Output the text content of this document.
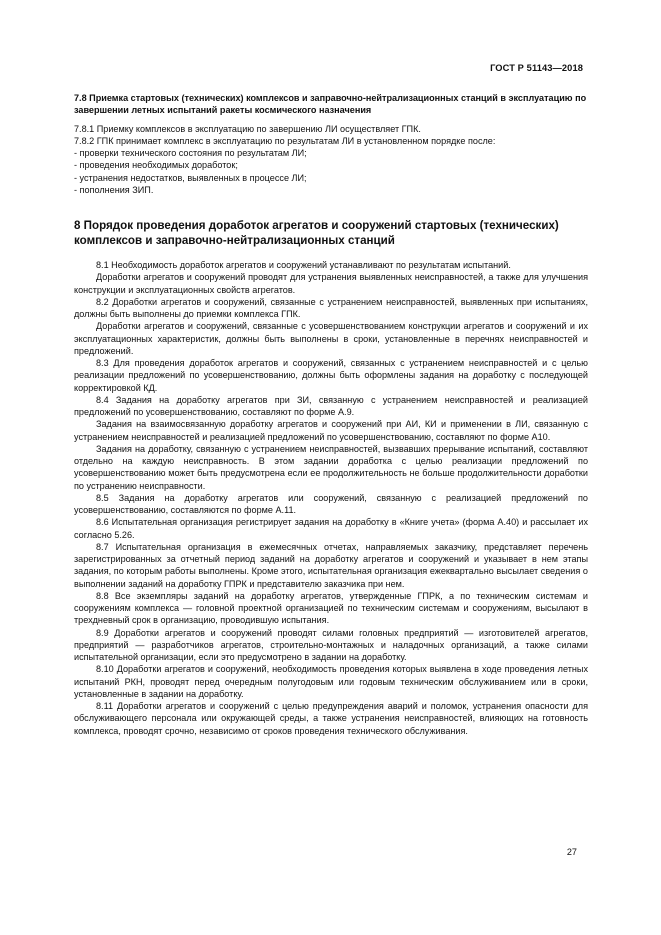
ГОСТ Р 51143—2018
7.8 Приемка стартовых (технических) комплексов и заправочно-нейтрализационных станций в эксплуатацию по завершении летных испытаний ракеты космического назначения

7.8.1 Приемку комплексов в эксплуатацию по завершению ЛИ осуществляет ГПК.

7.8.2 ГПК принимает комплекс в эксплуатацию по результатам ЛИ в установленном порядке после:

- проверки технического состояния по результатам ЛИ;

- проведения необходимых доработок;

- устранения недостатков, выявленных в процессе ЛИ;

- пополнения ЗИП.

8 Порядок проведения доработок агрегатов и сооружений стартовых (технических) комплексов и заправочно-нейтрализационных станций

8.1 Необходимость доработок агрегатов и сооружений устанавливают по результатам испытаний.

Доработки агрегатов и сооружений проводят для устранения выявленных неисправностей, а также для улучшения конструкции и эксплуатационных свойств агрегатов.

8.2 Доработки агрегатов и сооружений, связанные с устранением неисправностей, выявленных при испытаниях, должны быть выполнены до приемки комплекса ГПК.

Доработки агрегатов и сооружений, связанные с усовершенствованием конструкции агрегатов и сооружений и их эксплуатационных характеристик, должны быть выполнены в сроки, установленные в перечнях неисправностей и предложений.

8.3 Для проведения доработок агрегатов и сооружений, связанных с устранением неисправностей и с целью реализации предложений по усовершенствованию, должны быть оформлены задания на доработку с последующей корректировкой КД.

8.4 Задания на доработку агрегатов при ЗИ, связанную с устранением неисправностей и реализацией предложений по усовершенствованию, составляют по форме А.9.

Задания на взаимосвязанную доработку агрегатов и сооружений при АИ, КИ и применении в ЛИ, связанную с устранением неисправностей и реализацией предложений по усовершенствованию, составляют по форме А10.

Задания на доработку, связанную с устранением неисправностей, вызвавших прерывание испытаний, составляют отдельно на каждую неисправность. В этом задании доработка с целью реализации предложений по усовершенствованию может быть предусмотрена если ее продолжительность не больше продолжительности доработки по устранению неисправности.

8.5 Задания на доработку агрегатов или сооружений, связанную с реализацией предложений по усовершенствованию, составляются по форме А.11.

8.6 Испытательная организация регистрирует задания на доработку в «Книге учета» (форма А.40) и рассылает их согласно 5.26.

8.7 Испытательная организация в ежемесячных отчетах, направляемых заказчику, представляет перечень зарегистрированных за отчетный период заданий на доработку агрегатов и сооружений и указывает в нем этапы задания, по которым работы выполнены. Кроме этого, испытательная организация ежеквартально высылает сведения о выполнении заданий на доработку ГПРК и представителю заказчика при нем.

8.8 Все экземпляры заданий на доработку агрегатов, утвержденные ГПРК, а по техническим системам и сооружениям комплекса — головной проектной организацией по техническим системам и сооружениям, высылают в трехдневный срок в организацию, проводившую испытания.

8.9 Доработки агрегатов и сооружений проводят силами головных предприятий — изготовителей агрегатов, предприятий — разработчиков агрегатов, строительно-монтажных и наладочных организаций, а также силами испытательной организации, если это предусмотрено в задании на доработку.

8.10 Доработки агрегатов и сооружений, необходимость проведения которых выявлена в ходе проведения летных испытаний РКН, проводят перед очередным полугодовым или годовым техническим обслуживанием или в сроки, установленные в задании на доработку.

8.11 Доработки агрегатов и сооружений с целью предупреждения аварий и поломок, устранения опасности для обслуживающего персонала или окружающей среды, а также устранения неисправностей, влияющих на готовность комплекса, проводят срочно, независимо от сроков проведения технического обслуживания.

27
